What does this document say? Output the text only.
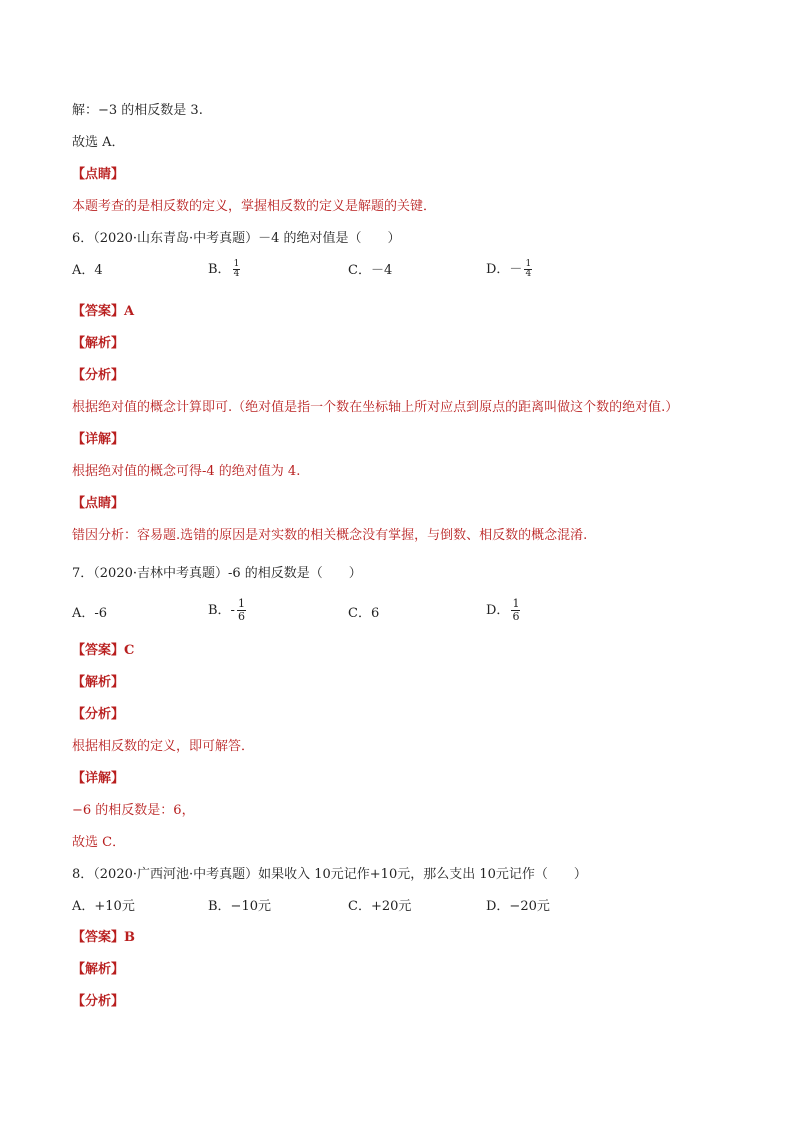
解：−3 的相反数是 3.
故选 A．
【点睛】
本题考查的是相反数的定义，掌握相反数的定义是解题的关键．
6．（2020·山东青岛·中考真题）－4 的绝对值是（　　）
A．4	B． $\frac{1}{4}$	C．－4	D．－ $\frac{1}{4}$
【答案】A
【解析】
【分析】
根据绝对值的概念计算即可.（绝对值是指一个数在坐标轴上所对应点到原点的距离叫做这个数的绝对值.）
【详解】
根据绝对值的概念可得-4 的绝对值为 4.
【点睛】
错因分析：容易题.选错的原因是对实数的相关概念没有掌握，与倒数、相反数的概念混淆.
7．（2020·吉林中考真题）-6 的相反数是（　　）
A．-6	B．- $\frac{1}{6}$	C．6	D． $\frac{1}{6}$
【答案】C
【解析】
【分析】
根据相反数的定义，即可解答．
【详解】
−6 的相反数是：6，
故选 C．
8．（2020·广西河池·中考真题）如果收入 10元记作+10元，那么支出 10元记作（　　）
A．+10元	B．−10元	C．+20元	D．−20元
【答案】B
【解析】
【分析】
